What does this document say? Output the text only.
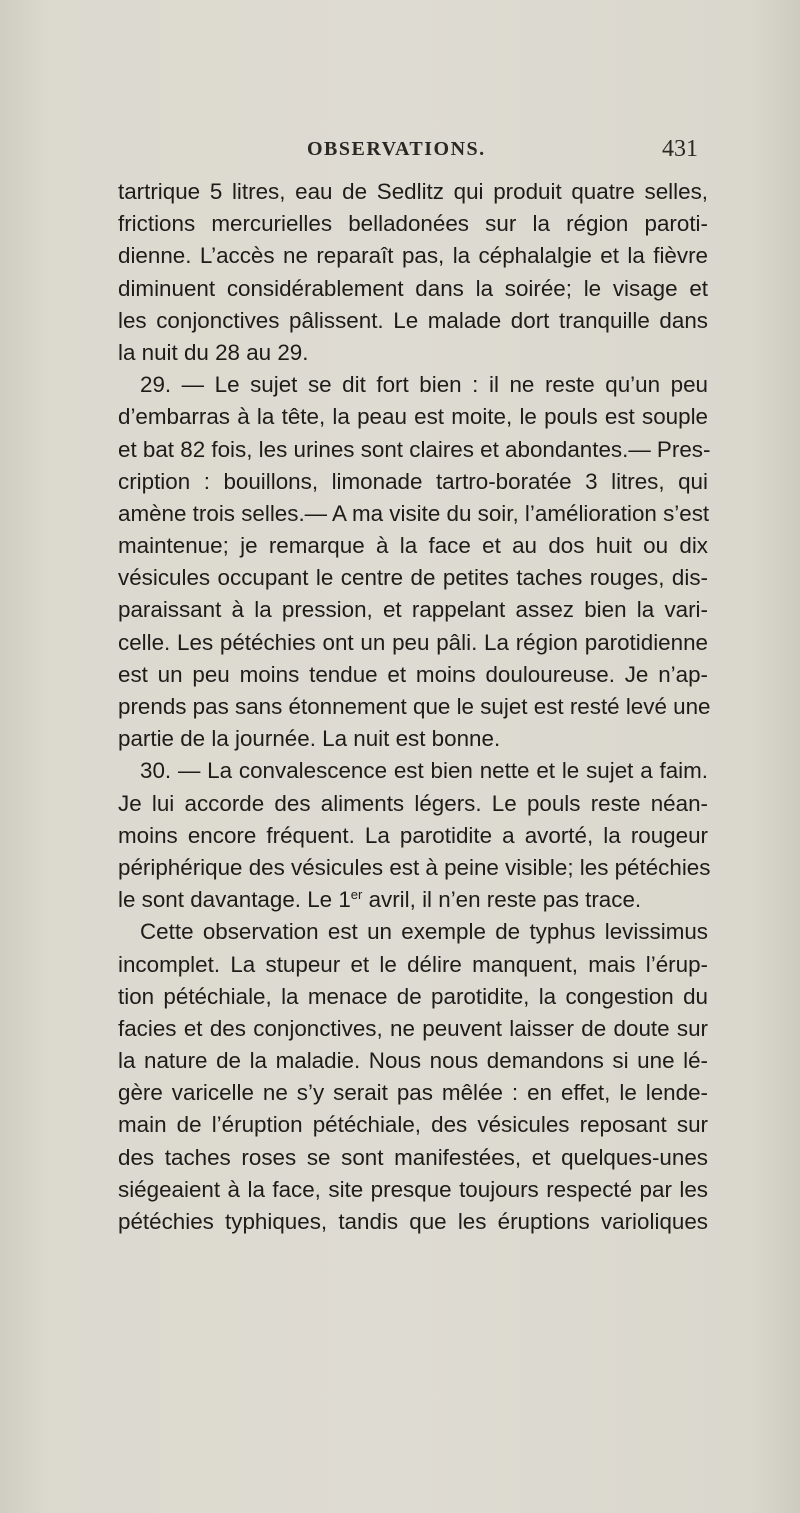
OBSERVATIONS.	431
tartrique 5 litres, eau de Sedlitz qui produit quatre selles,
frictions mercurielles belladonées sur la région paroti-
dienne. L’accès ne reparaît pas, la céphalalgie et la fièvre
diminuent considérablement dans la soirée; le visage et
les conjonctives pâlissent. Le malade dort tranquille dans
la nuit du 28 au 29.
29. — Le sujet se dit fort bien : il ne reste qu’un peu
d’embarras à la tête, la peau est moite, le pouls est souple
et bat 82 fois, les urines sont claires et abondantes.— Pres-
cription : bouillons, limonade tartro-boratée 3 litres, qui
amène trois selles.— A ma visite du soir, l’amélioration s’est
maintenue; je remarque à la face et au dos huit ou dix
vésicules occupant le centre de petites taches rouges, dis-
paraissant à la pression, et rappelant assez bien la vari-
celle. Les pétéchies ont un peu pâli. La région parotidienne
est un peu moins tendue et moins douloureuse. Je n’ap-
prends pas sans étonnement que le sujet est resté levé une
partie de la journée. La nuit est bonne.
30. — La convalescence est bien nette et le sujet a faim.
Je lui accorde des aliments légers. Le pouls reste néan-
moins encore fréquent. La parotidite a avorté, la rougeur
périphérique des vésicules est à peine visible; les pétéchies
le sont davantage. Le 1er avril, il n’en reste pas trace.
Cette observation est un exemple de typhus levissimus
incomplet. La stupeur et le délire manquent, mais l’érup-
tion pétéchiale, la menace de parotidite, la congestion du
facies et des conjonctives, ne peuvent laisser de doute sur
la nature de la maladie. Nous nous demandons si une lé-
gère varicelle ne s’y serait pas mêlée : en effet, le lende-
main de l’éruption pétéchiale, des vésicules reposant sur
des taches roses se sont manifestées, et quelques-unes
siégeaient à la face, site presque toujours respecté par les
pétéchies typhiques, tandis que les éruptions varioliques
